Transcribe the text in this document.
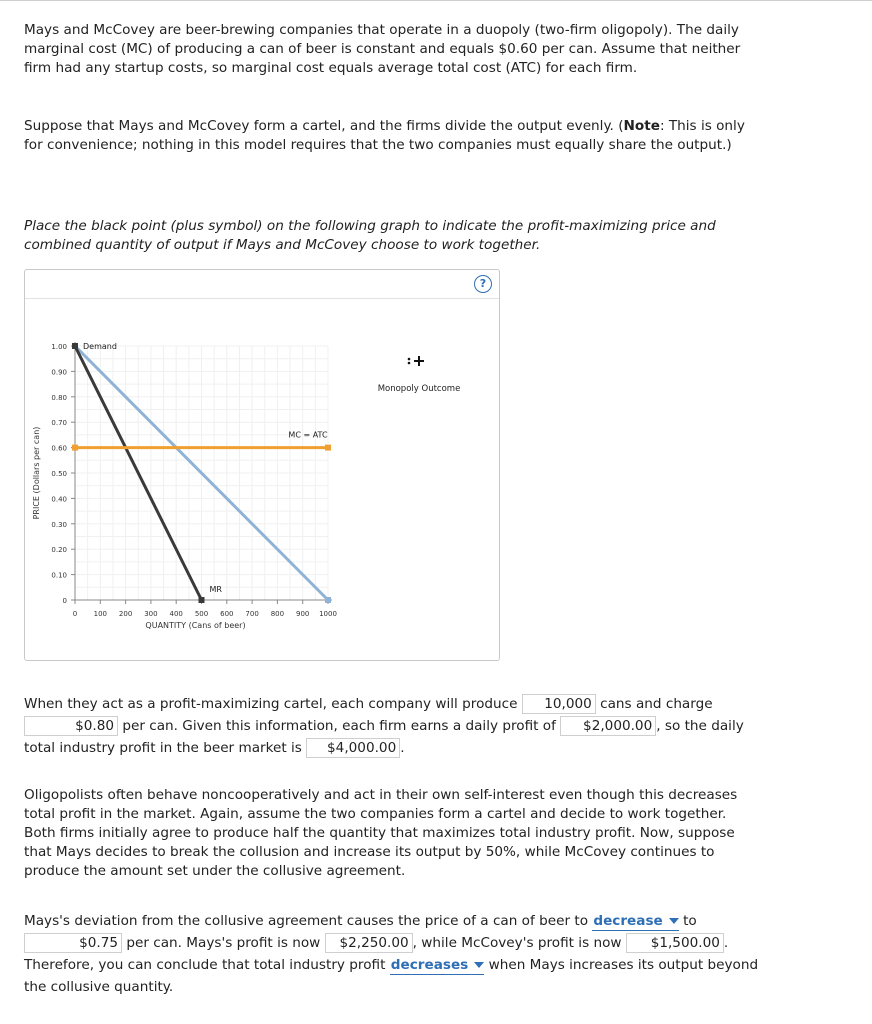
Mays and McCovey are beer-brewing companies that operate in a duopoly (two-firm oligopoly). The daily marginal cost (MC) of producing a can of beer is constant and equals $0.60 per can. Assume that neither firm had any startup costs, so marginal cost equals average total cost (ATC) for each firm.

Suppose that Mays and McCovey form a cartel, and the firms divide the output evenly. (Note: This is only for convenience; nothing in this model requires that the two companies must equally share the output.)

Place the black point (plus symbol) on the following graph to indicate the profit-maximizing price and combined quantity of output if Mays and McCovey choose to work together.

?
0
0.10
0.20
0.30
0.40
0.50
0.60
0.70
0.80
0.90
1.00
0 100 200 300 400 500 600 700 800 900 1000
QUANTITY (Cans of beer)
PRICE (Dollars per can)
Demand
MR
MC = ATC
Monopoly Outcome
When they act as a profit-maximizing cartel, each company will produce 10,000 cans and charge $0.80 per can. Given this information, each firm earns a daily profit of $2,000.00 , so the daily total industry profit in the beer market is $4,000.00 .

Oligopolists often behave noncooperatively and act in their own self-interest even though this decreases total profit in the market. Again, assume the two companies form a cartel and decide to work together. Both firms initially agree to produce half the quantity that maximizes total industry profit. Now, suppose that Mays decides to break the collusion and increase its output by 50%, while McCovey continues to produce the amount set under the collusive agreement.

Mays's deviation from the collusive agreement causes the price of a can of beer to decrease to $0.75 per can. Mays's profit is now $2,250.00 , while McCovey's profit is now $1,500.00 . Therefore, you can conclude that total industry profit decreases when Mays increases its output beyond the collusive quantity.
